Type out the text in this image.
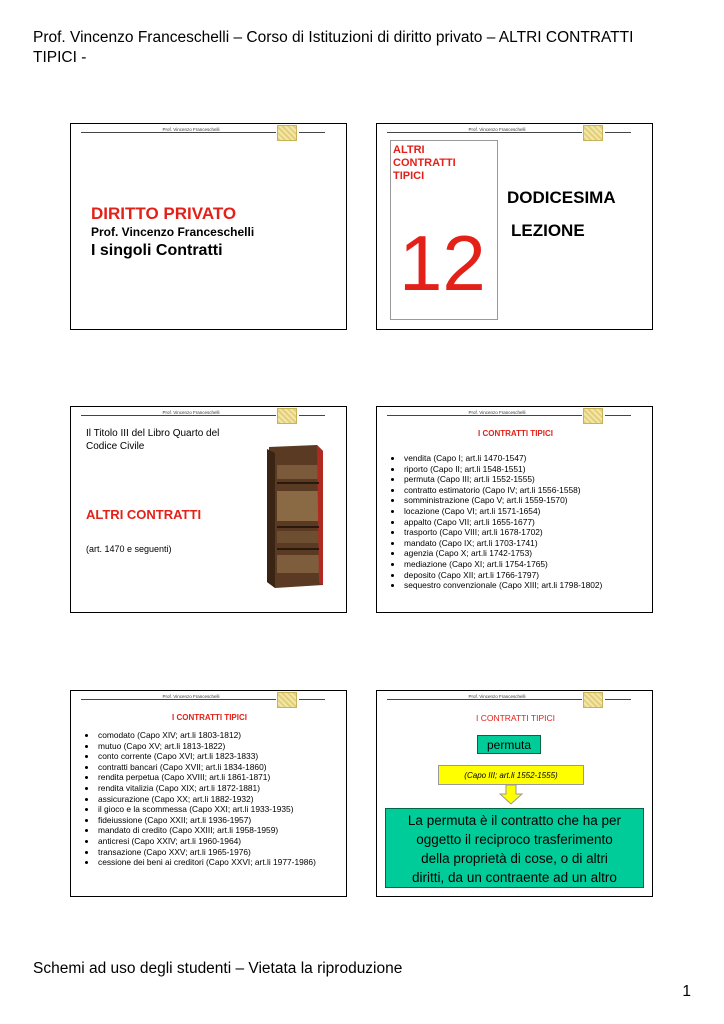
Prof. Vincenzo Franceschelli – Corso di Istituzioni di diritto privato – ALTRI CONTRATTI TIPICI -
Prof. Vincenzo Franceschelli
DIRITTO PRIVATO
Prof. Vincenzo Franceschelli
I singoli Contratti
Prof. Vincenzo Franceschelli
ALTRI
CONTRATTI
TIPICI
12
DODICESIMA
LEZIONE
Prof. Vincenzo Franceschelli
Il Titolo III del Libro Quarto del Codice Civile
ALTRI CONTRATTI
(art. 1470 e seguenti)
Prof. Vincenzo Franceschelli
I CONTRATTI TIPICI
• vendita (Capo I; art.li 1470-1547)
• riporto (Capo II; art.li 1548-1551)
• permuta (Capo III; art.li 1552-1555)
• contratto estimatorio (Capo IV; art.li 1556-1558)
• somministrazione (Capo V; art.li 1559-1570)
• locazione (Capo VI; art.li 1571-1654)
• appalto (Capo VII; art.li 1655-1677)
• trasporto (Capo VIII; art.li 1678-1702)
• mandato (Capo IX; art.li 1703-1741)
• agenzia (Capo X; art.li 1742-1753)
• mediazione (Capo XI; art.li 1754-1765)
• deposito (Capo XII; art.li 1766-1797)
• sequestro convenzionale (Capo XIII; art.li 1798-1802)
Prof. Vincenzo Franceschelli
I CONTRATTI TIPICI
• comodato (Capo XIV; art.li 1803-1812)
• mutuo (Capo XV; art.li 1813-1822)
• conto corrente (Capo XVI; art.li 1823-1833)
• contratti bancari (Capo XVII; art.li 1834-1860)
• rendita perpetua (Capo XVIII; art.li 1861-1871)
• rendita vitalizia (Capo XIX; art.li 1872-1881)
• assicurazione (Capo XX; art.li 1882-1932)
• il gioco e la scommessa (Capo XXI; art.li 1933-1935)
• fideiussione (Capo XXII; art.li 1936-1957)
• mandato di credito (Capo XXIII; art.li 1958-1959)
• anticresi (Capo XXIV; art.li 1960-1964)
• transazione (Capo XXV; art.li 1965-1976)
• cessione dei beni ai creditori (Capo XXVI; art.li 1977-1986)
Prof. Vincenzo Franceschelli
I CONTRATTI TIPICI
permuta
(Capo III; art.li 1552-1555)
La permuta è il contratto che ha per
oggetto il reciproco trasferimento
della proprietà di cose, o di altri
diritti, da un contraente ad un altro
Schemi ad uso degli studenti – Vietata la riproduzione
1
